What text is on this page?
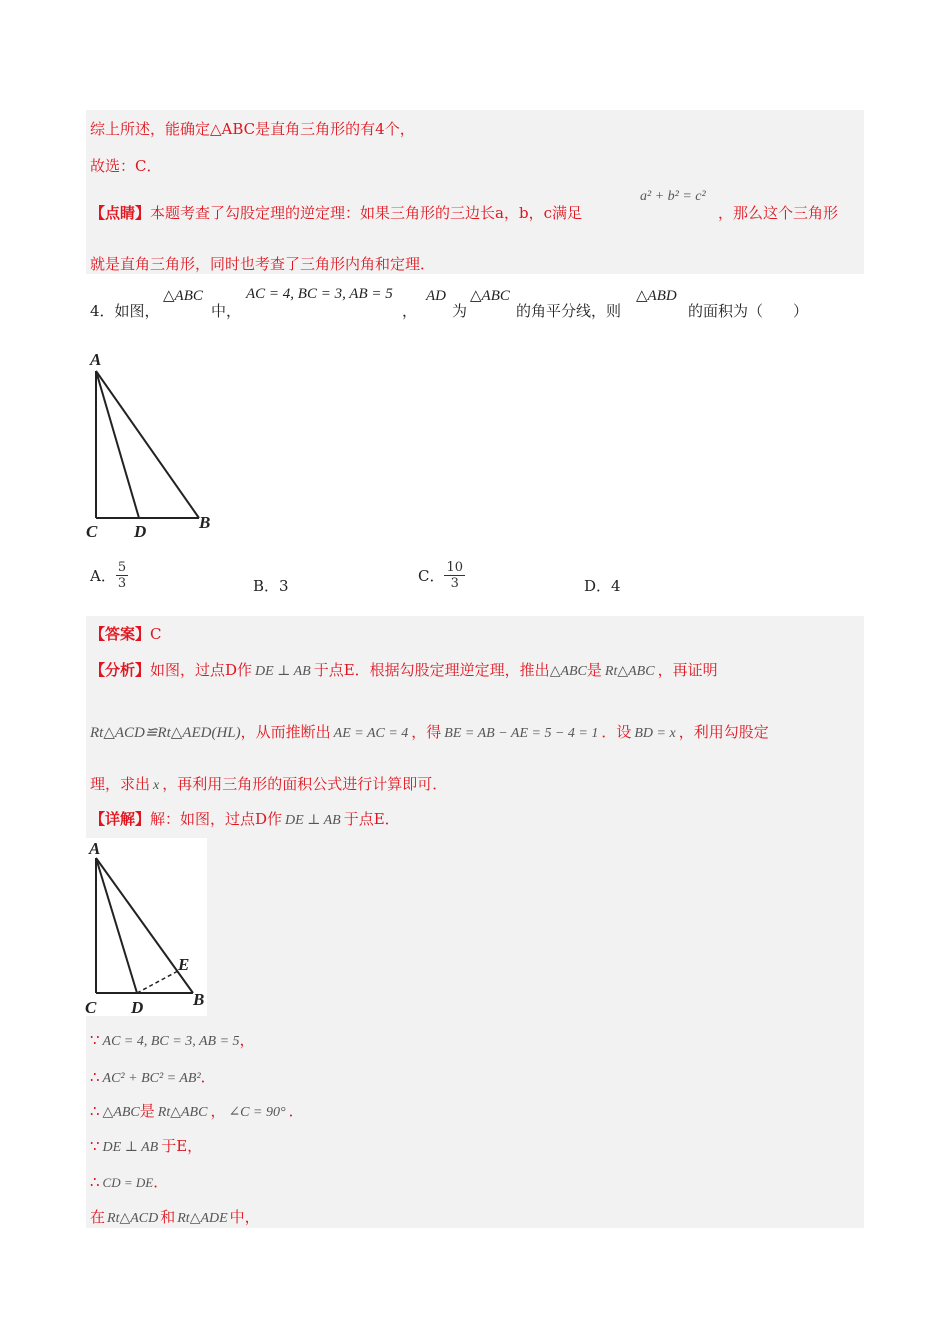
综上所述，能确定△ABC是直角三角形的有4个，
故选：C．
【点睛】本题考查了勾股定理的逆定理：如果三角形的三边长a，b，c满足
a² + b² = c²
，那么这个三角形
就是直角三角形，同时也考查了三角形内角和定理．
4．如图，
△ABC
中，
AC = 4, BC = 3, AB = 5
，
AD
为
△ABC
的角平分线，则
△ABD
的面积为（　　）
A
C D	B
A． $\frac{5}{3}$	B．3
C． $\frac{10}{3}$	D．4
【答案】C
【分析】如图，过点D作 DE ⊥ AB 于点E．根据勾股定理逆定理，推出△ABC是 Rt△ABC ，再证明
Rt△ACD≌Rt△AED(HL)，从而推断出 AE = AC = 4 ，得 BE = AB − AE = 5 − 4 = 1 ．设 BD = x ，利用勾股定
理，求出 x ，再利用三角形的面积公式进行计算即可．
【详解】解：如图，过点D作 DE ⊥ AB 于点E．
A
C D	B
E
∵ AC = 4, BC = 3, AB = 5，
∴ AC² + BC² = AB²．
∴ △ABC是 Rt△ABC ， ∠C = 90° ．
∵ DE ⊥ AB 于E，
∴ CD = DE．
在 Rt△ACD 和 Rt△ADE 中，
